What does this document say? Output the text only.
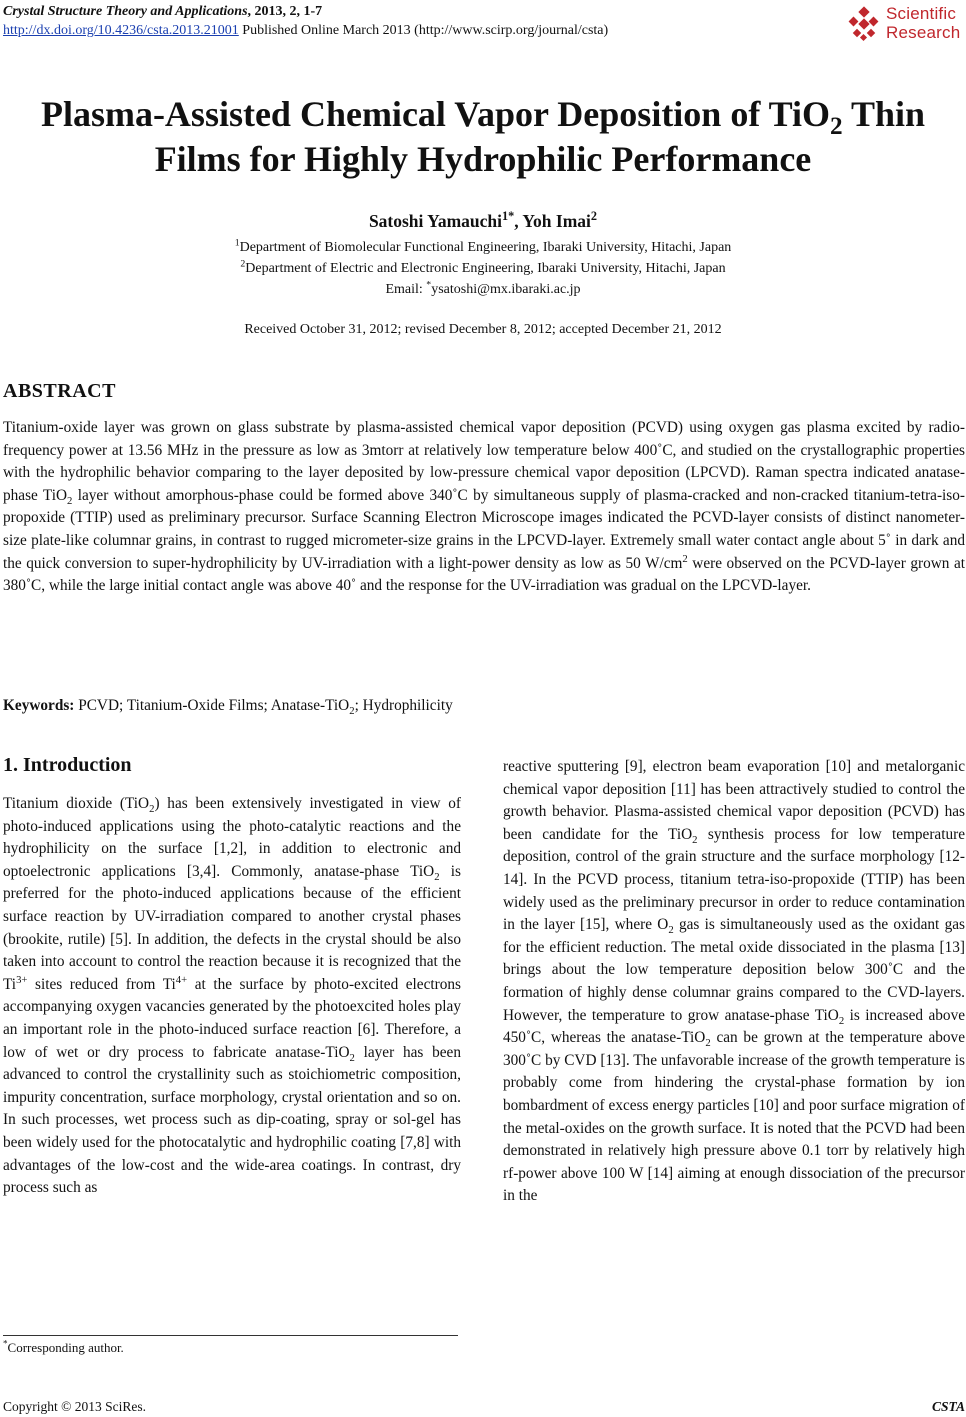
Crystal Structure Theory and Applications, 2013, 2, 1-7
http://dx.doi.org/10.4236/csta.2013.21001 Published Online March 2013 (http://www.scirp.org/journal/csta)
Scientific
Research
Plasma-Assisted Chemical Vapor Deposition of TiO$_2$ Thin
Films for Highly Hydrophilic Performance
Satoshi Yamauchi$^{1*}$, Yoh Imai$^2$
$^1$Department of Biomolecular Functional Engineering, Ibaraki University, Hitachi, Japan
$^2$Department of Electric and Electronic Engineering, Ibaraki University, Hitachi, Japan
Email: *ysatoshi@mx.ibaraki.ac.jp
Received October 31, 2012; revised December 8, 2012; accepted December 21, 2012
ABSTRACT
Titanium-oxide layer was grown on glass substrate by plasma-assisted chemical vapor deposition (PCVD) using oxygen gas plasma excited by radio-frequency power at 13.56 MHz in the pressure as low as 3mtorr at relatively low temperature below 400˚C, and studied on the crystallographic properties with the hydrophilic behavior comparing to the layer deposited by low-pressure chemical vapor deposition (LPCVD). Raman spectra indicated anatase-phase TiO$_2$ layer without amorphous-phase could be formed above 340˚C by simultaneous supply of plasma-cracked and non-cracked titanium-tetra-iso-propoxide (TTIP) used as preliminary precursor. Surface Scanning Electron Microscope images indicated the PCVD-layer consists of distinct nanometer-size plate-like columnar grains, in contrast to rugged micrometer-size grains in the LPCVD-layer. Extremely small water contact angle about 5˚ in dark and the quick conversion to super-hydrophilicity by UV-irradiation with a light-power density as low as 50 $W/cm^2$ were observed on the PCVD-layer grown at 380˚C, while the large initial contact angle was above 40˚ and the response for the UV-irradiation was gradual on the LPCVD-layer.
Keywords: PCVD; Titanium-Oxide Films; Anatase-TiO$_2$; Hydrophilicity
1. Introduction
Titanium dioxide (TiO$_2$) has been extensively investigated in view of photo-induced applications using the photo-catalytic reactions and the hydrophilicity on the surface [1,2], in addition to electronic and optoelectronic applications [3,4]. Commonly, anatase-phase TiO$_2$ is preferred for the photo-induced applications because of the efficient surface reaction by UV-irradiation compared to another crystal phases (brookite, rutile) [5]. In addition, the defects in the crystal should be also taken into account to control the reaction because it is recognized that the $Ti^{3+}$ sites reduced from $Ti^{4+}$ at the surface by photo-excited electrons accompanying oxygen vacancies generated by the photoexcited holes play an important role in the photo-induced surface reaction [6]. Therefore, a low of wet or dry process to fabricate anatase-TiO$_2$ layer has been advanced to control the crystallinity such as stoichiometric composition, impurity concentration, surface morphology, crystal orientation and so on. In such processes, wet process such as dip-coating, spray or sol-gel has been widely used for the photocatalytic and hydrophilic coating [7,8] with advantages of the low-cost and the wide-area coatings. In contrast, dry process such as
reactive sputtering [9], electron beam evaporation [10] and metalorganic chemical vapor deposition [11] has been attractively studied to control the growth behavior. Plasma-assisted chemical vapor deposition (PCVD) has been candidate for the TiO$_2$ synthesis process for low temperature deposition, control of the grain structure and the surface morphology [12-14]. In the PCVD process, titanium tetra-iso-propoxide (TTIP) has been widely used as the preliminary precursor in order to reduce contamination in the layer [15], where $O_2$ gas is simultaneously used as the oxidant gas for the efficient reduction. The metal oxide dissociated in the plasma [13] brings about the low temperature deposition below 300˚C and the formation of highly dense columnar grains compared to the CVD-layers. However, the temperature to grow anatase-phase TiO$_2$ is increased above 450˚C, whereas the anatase-TiO$_2$ can be grown at the temperature above 300˚C by CVD [13]. The unfavorable increase of the growth temperature is probably come from hindering the crystal-phase formation by ion bombardment of excess energy particles [10] and poor surface migration of the metal-oxides on the growth surface. It is noted that the PCVD had been demonstrated in relatively high pressure above 0.1 torr by relatively high rf-power above 100 W [14] aiming at enough dissociation of the precursor in the
*Corresponding author.
Copyright © 2013 SciRes.	CSTA
